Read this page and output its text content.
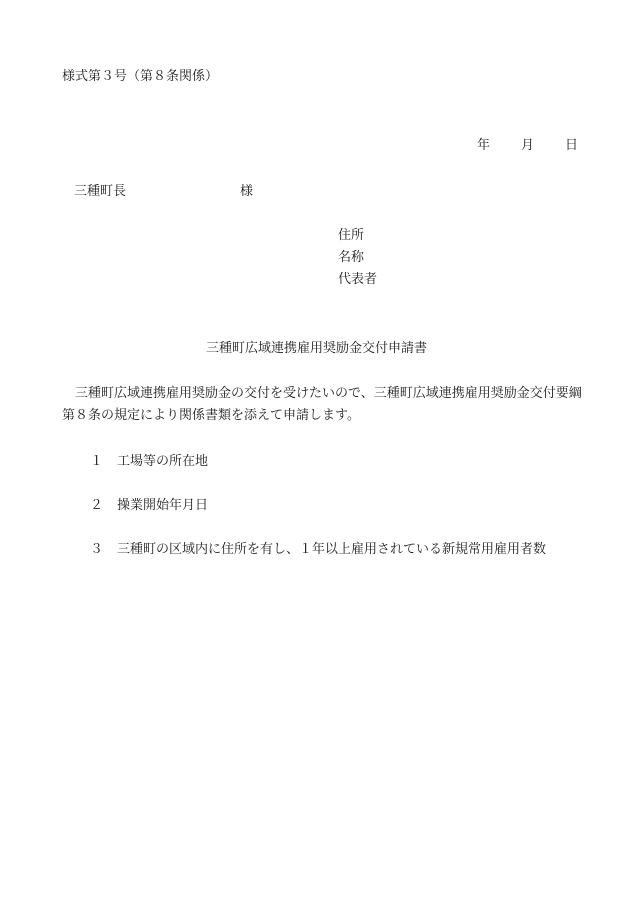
様式第３号（第８条関係）
年 月 日
三種町長	様
住所
名称
代表者
三種町広域連携雇用奨励金交付申請書
三種町広域連携雇用奨励金の交付を受けたいので、三種町広域連携雇用奨励金交付要綱第８条の規定により関係書類を添えて申請します。
１ 工場等の所在地
２ 操業開始年月日
３ 三種町の区域内に住所を有し、１年以上雇用されている新規常用雇用者数
